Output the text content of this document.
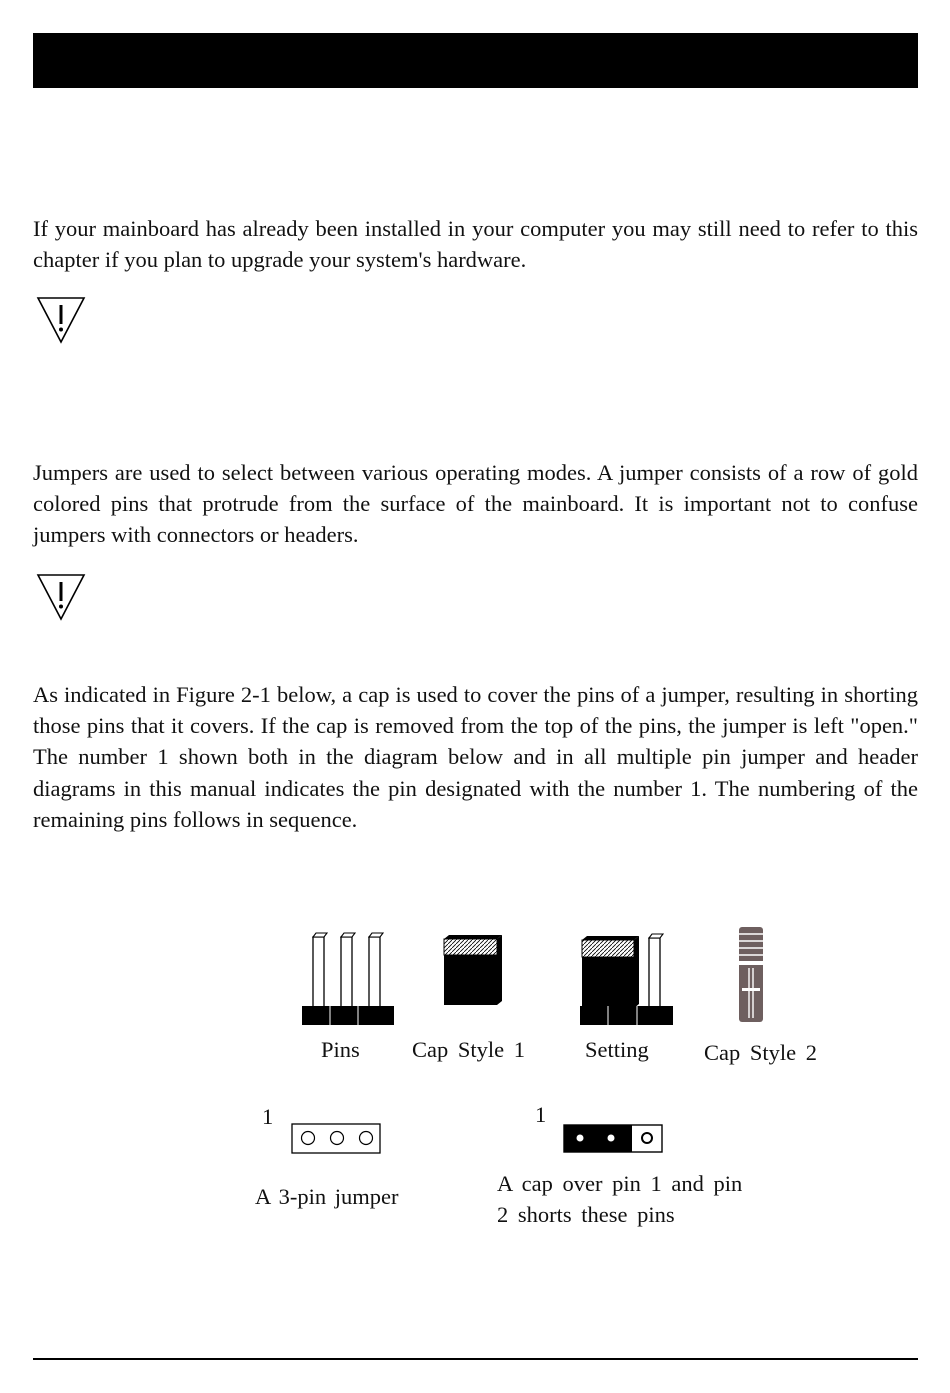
If your mainboard has already been installed in your computer you may still need to refer to this chapter if you plan to upgrade your system's hardware.

Jumpers are used to select between various operating modes. A jumper consists of a row of gold colored pins that protrude from the surface of the mainboard. It is important not to confuse jumpers with connectors or headers.

As indicated in Figure 2-1 below, a cap is used to cover the pins of a jumper, resulting in shorting those pins that it covers. If the cap is removed from the top of the pins, the jumper is left "open." The number 1 shown both in the diagram below and in all multiple pin jumper and header diagrams in this manual indicates the pin designated with the number 1. The numbering of the remaining pins follows in sequence.

Pins Cap Style 1	Setting Cap Style 2
1	1
A 3-pin jumper
A cap over pin 1 and pin 2 shorts these pins
